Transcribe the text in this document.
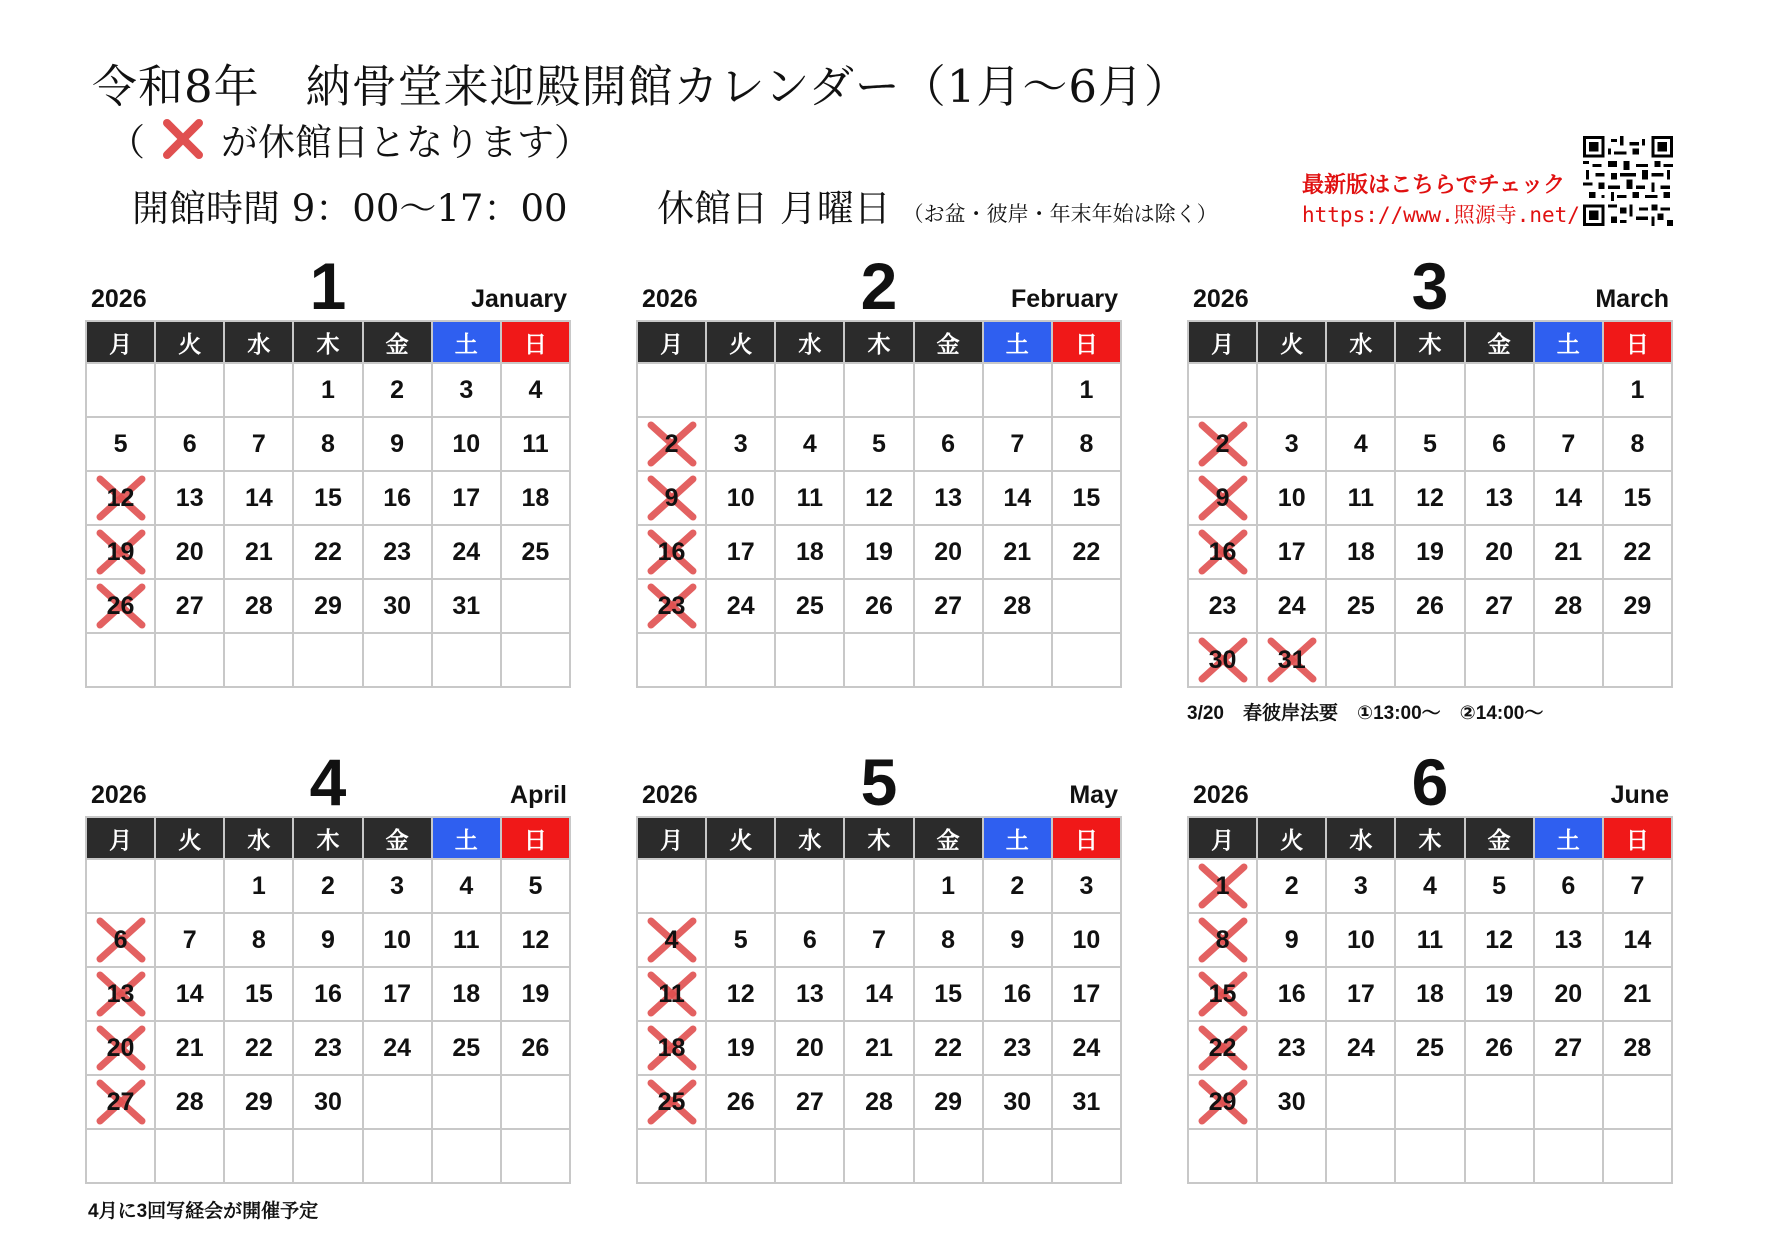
令和8年　納骨堂来迎殿開館カレンダー（1月～6月）
（ が休館日となります）
開館時間 9：00～17：00 休館日 月曜日 （お盆・彼岸・年末年始は除く）
最新版はこちらでチェック
https://www.照源寺.net/
2026	1	January
月	火	水	木	金	土	日
			1	2	3	4
5	6	7	8	9	10	11

12	13	14	15	16	17	18

19	20	21	22	23	24	25

26	27	28	29	30	31	

2026	2	February
月	火	水	木	金	土	日
						1

2	3	4	5	6	7	8

9	10	11	12	13	14	15

16	17	18	19	20	21	22

23	24	25	26	27	28	

2026	3	March
月	火	水	木	金	土	日
						1

2	3	4	5	6	7	8

9	10	11	12	13	14	15

16	17	18	19	20	21	22
23	24	25	26	27	28	29

30	31					
2026	4	April
月	火	水	木	金	土	日
		1	2	3	4	5

6	7	8	9	10	11	12

13	14	15	16	17	18	19

20	21	22	23	24	25	26

27	28	29	30			

2026	5	May
月	火	水	木	金	土	日
				1	2	3

4	5	6	7	8	9	10

11	12	13	14	15	16	17

18	19	20	21	22	23	24

25	26	27	28	29	30	31

2026	6	June
月	火	水	木	金	土	日

1	2	3	4	5	6	7

8	9	10	11	12	13	14

15	16	17	18	19	20	21

22	23	24	25	26	27	28

29	30					

3/20　春彼岸法要　①13:00～　②14:00～
4月に3回写経会が開催予定
